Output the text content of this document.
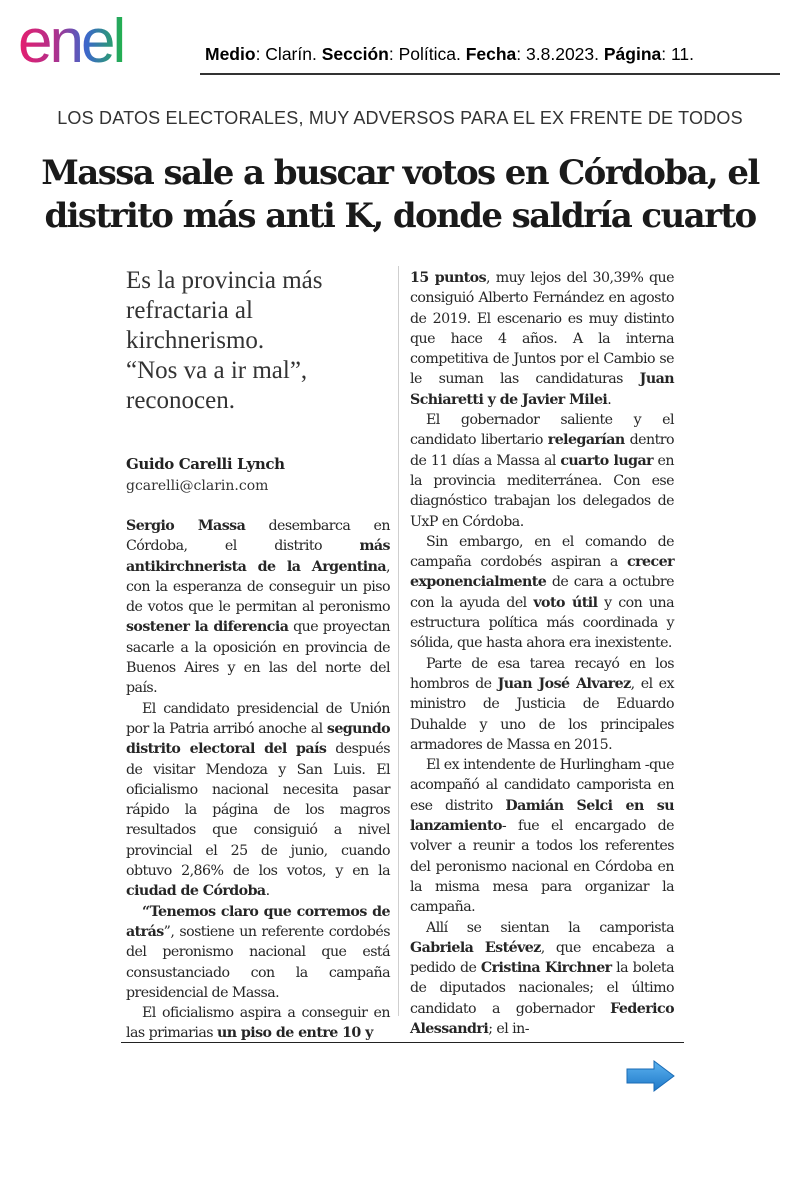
enel	Medio: Clarín. Sección: Política. Fecha: 3.8.2023. Página: 11.
LOS DATOS ELECTORALES, MUY ADVERSOS PARA EL EX FRENTE DE TODOS
Massa sale a buscar votos en Córdoba, el
distrito más anti K, donde saldría cuarto
Es la provincia más
refractaria al
kirchnerismo.
“Nos va a ir mal”,
reconocen.
Guido Carelli Lynch
gcarelli@clarin.com

Sergio Massa desembarca en Córdoba, el distrito más antikirchnerista de la Argentina, con la esperanza de conseguir un piso de votos que le permitan al peronismo sostener la diferencia que proyectan sacarle a la oposición en provincia de Buenos Aires y en las del norte del país.

El candidato presidencial de Unión por la Patria arribó anoche al segundo distrito electoral del país después de visitar Mendoza y San Luis. El oficialismo nacional necesita pasar rápido la página de los magros resultados que consiguió a nivel provincial el 25 de junio, cuando obtuvo 2,86% de los votos, y en la ciudad de Córdoba.

“Tenemos claro que corremos de atrás”, sostiene un referente cordobés del peronismo nacional que está consustanciado con la campaña presidencial de Massa.

El oficialismo aspira a conseguir en las primarias un piso de entre 10 y

15 puntos, muy lejos del 30,39% que consiguió Alberto Fernández en agosto de 2019. El escenario es muy distinto que hace 4 años. A la interna competitiva de Juntos por el Cambio se le suman las candidaturas Juan Schiaretti y de Javier Milei.

El gobernador saliente y el candidato libertario relegarían dentro de 11 días a Massa al cuarto lugar en la provincia mediterránea. Con ese diagnóstico trabajan los delegados de UxP en Córdoba.

Sin embargo, en el comando de campaña cordobés aspiran a crecer exponencialmente de cara a octubre con la ayuda del voto útil y con una estructura política más coordinada y sólida, que hasta ahora era inexistente.

Parte de esa tarea recayó en los hombros de Juan José Alvarez, el ex ministro de Justicia de Eduardo Duhalde y uno de los principales armadores de Massa en 2015.

El ex intendente de Hurlingham -que acompañó al candidato camporista en ese distrito Damián Selci en su lanzamiento- fue el encargado de volver a reunir a todos los referentes del peronismo nacional en Córdoba en la misma mesa para organizar la campaña.

Allí se sientan la camporista Gabriela Estévez, que encabeza a pedido de Cristina Kirchner la boleta de diputados nacionales; el último candidato a gobernador Federico Alessandri; el in-
